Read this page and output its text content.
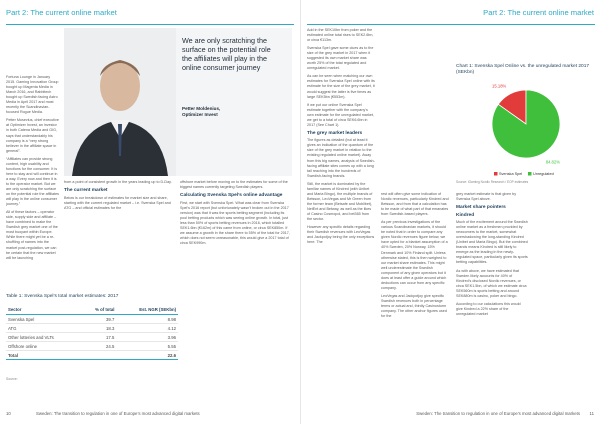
Part 2: The current online market

Fortuna Lounge in January 2015. Gaming Innovation Group bought up Magenta Media in March 2016, and Rabbitech bought up Swedish facing Astro Media in April 2017 and most recently the Scandinavian-focused Rogue Media.

Petter Mosevius, chief executive at Optimizer Invest, an investor in both Catena Media and GIG, says that understandably his company is a “very strong believer in the affiliate space in general”.

“Affiliates can provide strong content, high usability and functions for the consumer. It is here to stay and will continue in a way. Every now and then it is to the operator market. But we are only scratching the surface on the potential role the affiliates will play in the online consumer journey.”

All of these factors – operator side, supply side and affiliate – have combined to make the Swedish grey market one of the most buoyant within Europe. While there might yet be a re-shuffling of names into the market post-regulation, we can be certain that the new market will be launching

We are only scratching the surface on the potential role the affiliates will play in the online consumer journey
Petter Moldenius,
Optimizer Invest

from a point of consistent growth in the years leading up to D-Day.

The current market

Below is our breakdown of estimates for market size and share, starting with the current regulated market – i.e. Svenska Spel and ATG – and official estimates for the

offshore market before moving on to the estimates for some of the biggest names currently targeting Swedish players.

Calculating Svenska Spel’s online advantage

First, we start with Svenska Spel. What was clear from Svenska Spel’s 2016 report (but unfortunately wasn’t broken out in the 2017 version) was that it was the sports betting segment (including its pool betting products which was seeing online growth. In total, just less than 50% of sports betting revenues in 2016, which totalled SEK1.6bn (€162m) of this came from online, or circa SEK850m. If we assume a growth in the share there to 55% of the total for 2017, which does not seem unreasonable, this would give a 2017 total of circa SEK990m.

Table 1: Svenska Spel’s total market estimates: 2017
Sector	% of total	Est. NGR (SEKbn)
Svenska Spel	39.7	8.98
ATG	18.3	4.12
Other lotteries and VLTs	17.5	3.96
Offshore online	24.5	5.55
Total		22.6
Source:
10	Sweden: The transition to regulation in one of Europe’s most advanced digital markets
Part 2: The current online market

Add in the SEK10bn from poker and the estimated online total rises to SEK2.6bn, or circa €113m.

Svenska Spel gave some clues as to the size of the grey market in 2017 when it suggested its own market share was worth 25% of the total regulated and unregulated market.

As can be seen when matching our own estimates for Svenska Spel online with its estimate for the size of the grey market, it would suggest the latter is five times as large SEK5bn (€553m).

If we put our online Svenska Spel estimate together with the company’s own estimate for the unregulated market, we get to a total of circa SEK6.6bn in 2017 (See Chart 1).

The grey market leaders

The figures as detailed (but at least it gives an indication of the quantum of the size of the grey market in relation to the existing regulated online market). Away from this big names, analysis of Swedish-facing affiliate sites comes up with a long tail reaching into the hundreds of Swedish-facing brands.

Still, the market is dominated by the familiar names of Kindred (with Unibet and Maria Bingo), the multiple brands of Betsson, LeoVegas and Mr Green from the former team (Betsafe and Mobilbet), NetEnt and Betway, as well as the likes of Casino Cosmopol, and bet365 from the sector.

However any specific details regarding their Swedish revenues with LeoVegas and Jackpotjoy being the only exceptions here. The

Chart 1: Svenska Spel Online vs. the unregulated market 2017 (SEKbn)
15.18%
84.82%
Svenska Spel	Unregulated
Source: iGaming Nordic Research / EOP estimates

rest will often give some indication of Nordic revenues, particularly Kindred and Betsson, and from that a calculation has to be made of what part of that emanates from Swedish-based players.

As per previous investigations of the various Scandinavian markets, it should be noted that in order to compare any given Nordic revenues figure below, we have opted for a blanket assumption of a 40% Sweden, 20% Norway, 15% Denmark and 10% Finland split. Unless otherwise stated, this is then weighed to our market share estimates. This might well underestimate the Swedish component of any given operators but it does at least offer a guide around which deductions can occur from any specific company.

LeoVegas and Jackpotjoy give specific Swedish revenues both in percentage terms or actual and, thirdly Casinostorm company. The other anchor figures used for the

grey market estimate is that given by Svenska Spel above.

Market share pointers
Kindred

Much of the excitement around the Swedish online market as a freshmen provided by newcomers to the market, somewhat overshadowing the long-standing Kindred (Unibet and Maria Bingo). But the combined brands means Kindred is still likely to emerge as the leading in the newly-regulated space, particularly given its sports betting capabilities.

As with above, we have estimated that Sweden likely accounts for 40% of Kindred’s disclosed Nordic revenues, or circa SEK1.5bn, of which we estimate circa SEK560m is sports betting and around SEK880m is casino, poker and bingo.

According to our calculations this would give Kindred a 22% share of the unregulated market

Sweden: The transition to regulation in one of Europe’s most advanced digital markets 11
